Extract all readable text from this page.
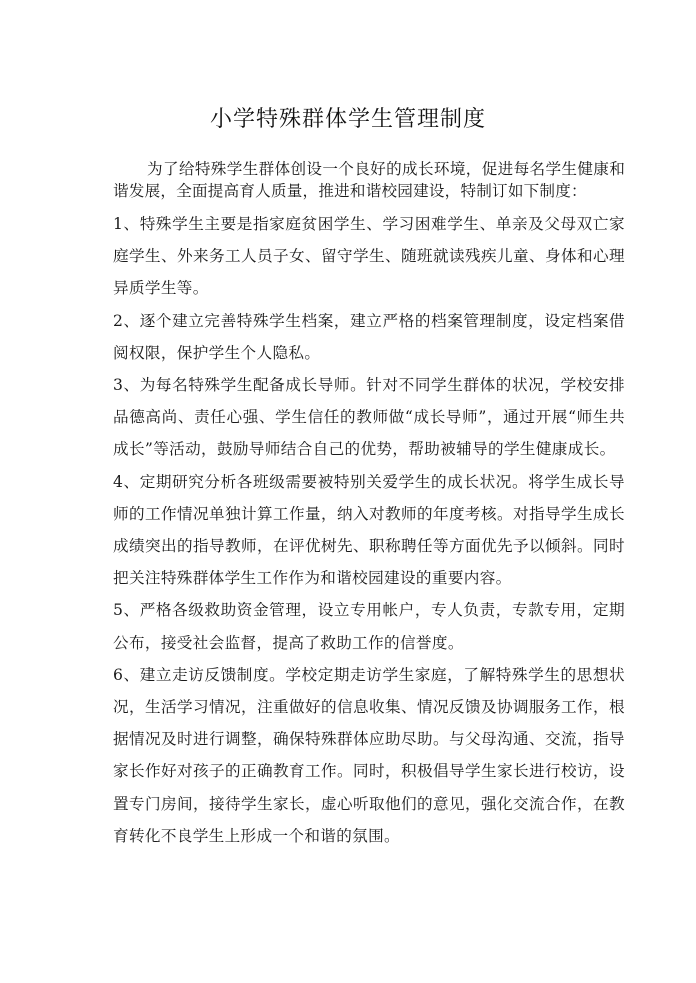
小学特殊群体学生管理制度

为了给特殊学生群体创设一个良好的成长环境，促进每名学生健康和谐发展，全面提高育人质量，推进和谐校园建设，特制订如下制度：

1、特殊学生主要是指家庭贫困学生、学习困难学生、单亲及父母双亡家庭学生、外来务工人员子女、留守学生、随班就读残疾儿童、身体和心理异质学生等。

2、逐个建立完善特殊学生档案，建立严格的档案管理制度，设定档案借阅权限，保护学生个人隐私。

3、为每名特殊学生配备成长导师。针对不同学生群体的状况，学校安排品德高尚、责任心强、学生信任的教师做“成长导师”，通过开展“师生共成长”等活动，鼓励导师结合自己的优势，帮助被辅导的学生健康成长。

4、定期研究分析各班级需要被特别关爱学生的成长状况。将学生成长导师的工作情况单独计算工作量，纳入对教师的年度考核。对指导学生成长成绩突出的指导教师，在评优树先、职称聘任等方面优先予以倾斜。同时把关注特殊群体学生工作作为和谐校园建设的重要内容。

5、严格各级救助资金管理，设立专用帐户，专人负责，专款专用，定期公布，接受社会监督，提高了救助工作的信誉度。

6、建立走访反馈制度。学校定期走访学生家庭，了解特殊学生的思想状况，生活学习情况，注重做好的信息收集、情况反馈及协调服务工作，根据情况及时进行调整，确保特殊群体应助尽助。与父母沟通、交流，指导家长作好对孩子的正确教育工作。同时，积极倡导学生家长进行校访，设置专门房间，接待学生家长，虚心听取他们的意见，强化交流合作，在教育转化不良学生上形成一个和谐的氛围。
